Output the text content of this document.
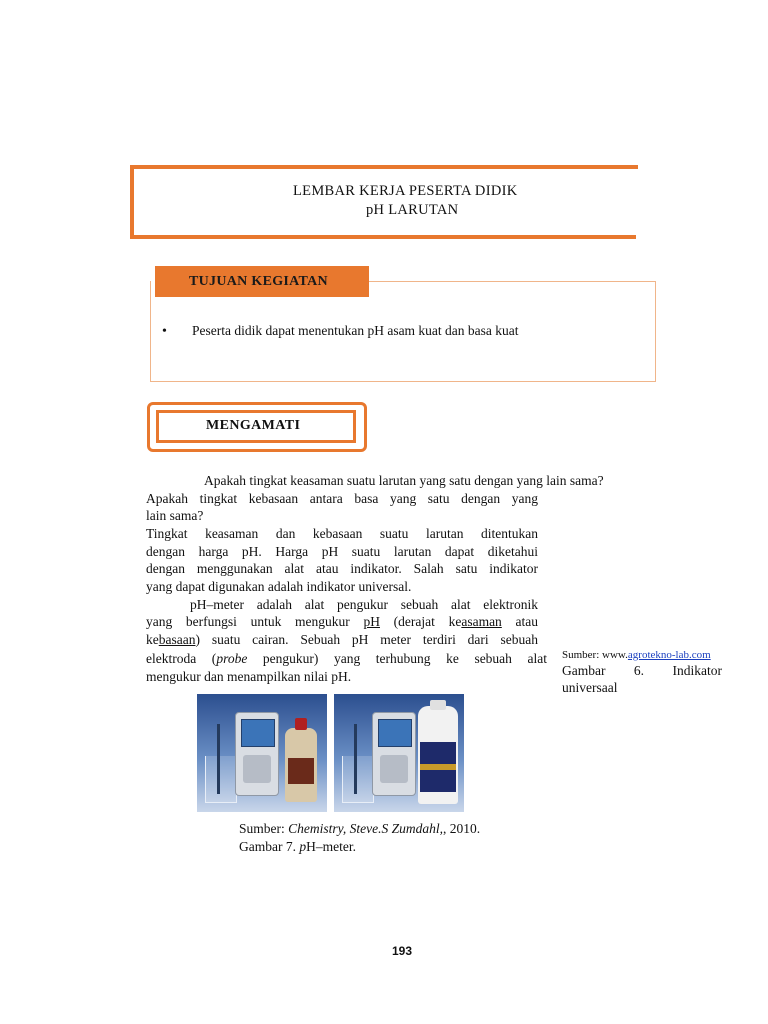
LEMBAR KERJA PESERTA DIDIK
pH LARUTAN
TUJUAN KEGIATAN
• Peserta didik dapat menentukan pH asam kuat dan basa kuat
MENGAMATI
Apakah tingkat keasaman suatu larutan yang satu dengan yang lain sama?
Apakah tingkat kebasaan antara basa yang satu dengan yang
lain sama?
Tingkat keasaman dan kebasaan suatu larutan ditentukan
dengan harga pH. Harga pH suatu larutan dapat diketahui
dengan menggunakan alat atau indikator. Salah satu indikator
yang dapat digunakan adalah indikator universal.
pH–meter adalah alat pengukur sebuah alat elektronik
yang berfungsi untuk mengukur pH (derajat keasaman atau
kebasaan) suatu cairan. Sebuah pH meter terdiri dari sebuah
elektroda (probe pengukur) yang terhubung ke sebuah alat
mengukur dan menampilkan nilai pH.
Sumber: www.agrotekno-lab.com
Gambar 6. Indikator
universaal
Sumber: Chemistry, Steve.S Zumdahl,, 2010.
Gambar 7. pH–meter.
193
